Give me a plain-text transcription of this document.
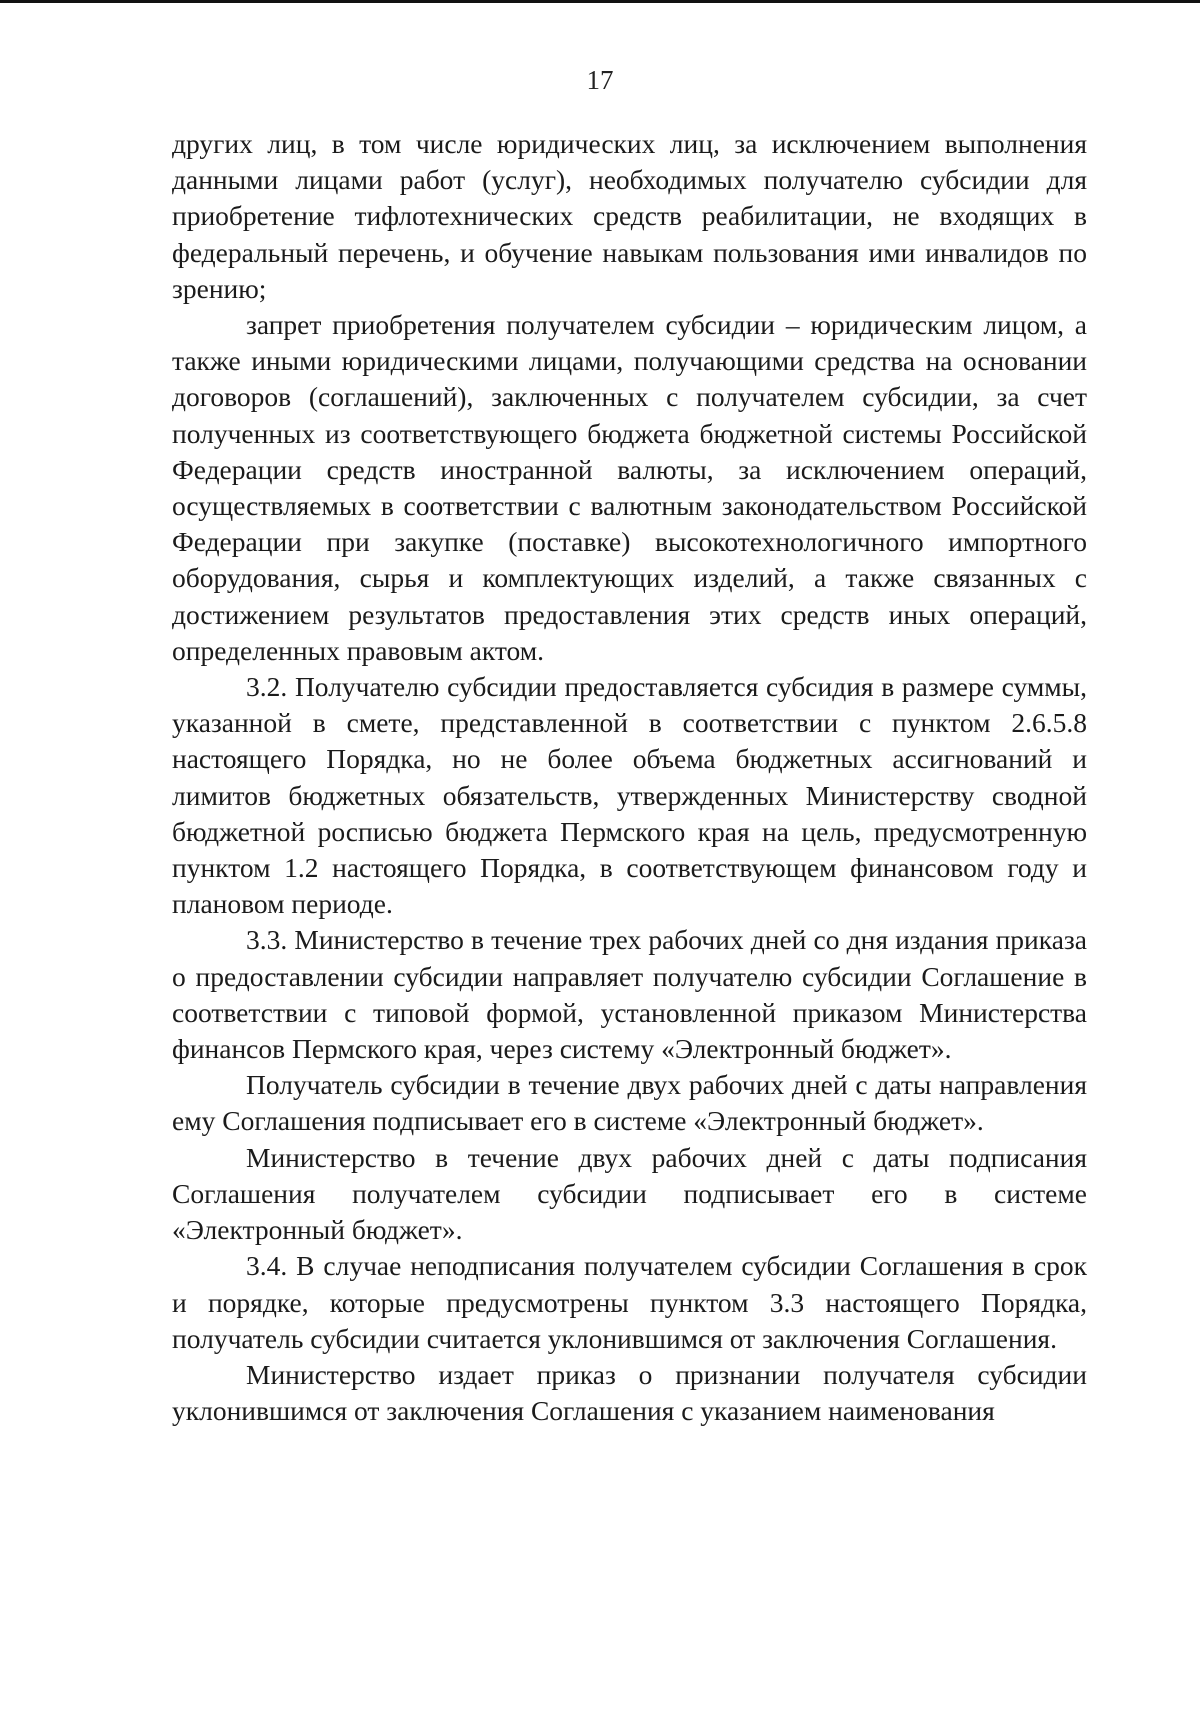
17

других лиц, в том числе юридических лиц, за исключением выполнения данными лицами работ (услуг), необходимых получателю субсидии для приобретение тифлотехнических средств реабилитации, не входящих в федеральный перечень, и обучение навыкам пользования ими инвалидов по зрению;

запрет приобретения получателем субсидии – юридическим лицом, а также иными юридическими лицами, получающими средства на основании договоров (соглашений), заключенных с получателем субсидии, за счет полученных из соответствующего бюджета бюджетной системы Российской Федерации средств иностранной валюты, за исключением операций, осуществляемых в соответствии с валютным законодательством Российской Федерации при закупке (поставке) высокотехнологичного импортного оборудования, сырья и комплектующих изделий, а также связанных с достижением результатов предоставления этих средств иных операций, определенных правовым актом.

3.2. Получателю субсидии предоставляется субсидия в размере суммы, указанной в смете, представленной в соответствии с пунктом 2.6.5.8 настоящего Порядка, но не более объема бюджетных ассигнований и лимитов бюджетных обязательств, утвержденных Министерству сводной бюджетной росписью бюджета Пермского края на цель, предусмотренную пунктом 1.2 настоящего Порядка, в соответствующем финансовом году и плановом периоде.

3.3. Министерство в течение трех рабочих дней со дня издания приказа о предоставлении субсидии направляет получателю субсидии Соглашение в соответствии с типовой формой, установленной приказом Министерства финансов Пермского края, через систему «Электронный бюджет».

Получатель субсидии в течение двух рабочих дней с даты направления ему Соглашения подписывает его в системе «Электронный бюджет».

Министерство в течение двух рабочих дней с даты подписания Соглашения получателем субсидии подписывает его в системе «Электронный бюджет».

3.4. В случае неподписания получателем субсидии Соглашения в срок и порядке, которые предусмотрены пунктом 3.3 настоящего Порядка, получатель субсидии считается уклонившимся от заключения Соглашения.

Министерство издает приказ о признании получателя субсидии уклонившимся от заключения Соглашения с указанием наименования
